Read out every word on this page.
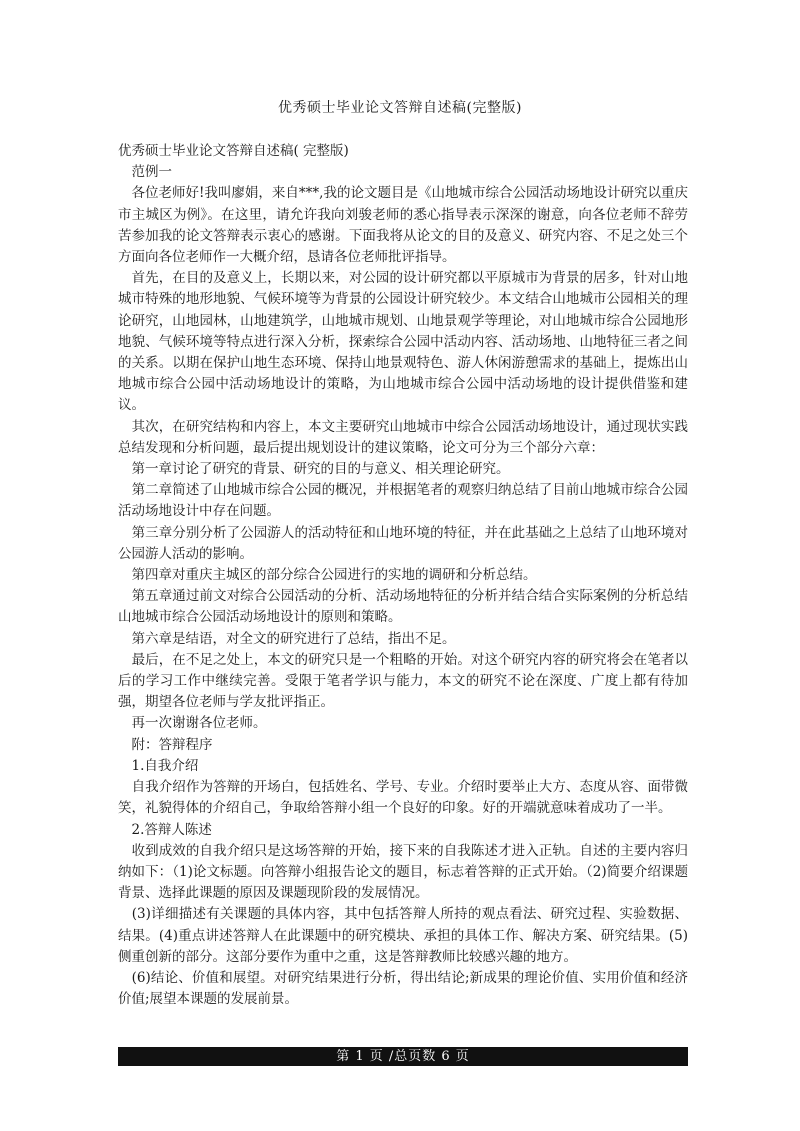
优秀硕士毕业论文答辩自述稿(完整版)

优秀硕士毕业论文答辩自述稿( 完整版)

　范例一

　各位老师好!我叫廖娟，来自***,我的论文题目是《山地城市综合公园活动场地设计研究以重庆市主城区为例》。在这里，请允许我向刘骏老师的悉心指导表示深深的谢意，向各位老师不辞劳苦参加我的论文答辩表示衷心的感谢。下面我将从论文的目的及意义、研究内容、不足之处三个方面向各位老师作一大概介绍，恳请各位老师批评指导。

　首先，在目的及意义上，长期以来，对公园的设计研究都以平原城市为背景的居多，针对山地城市特殊的地形地貌、气候环境等为背景的公园设计研究较少。本文结合山地城市公园相关的理论研究，山地园林，山地建筑学，山地城市规划、山地景观学等理论，对山地城市综合公园地形地貌、气候环境等特点进行深入分析，探索综合公园中活动内容、活动场地、山地特征三者之间的关系。以期在保护山地生态环境、保持山地景观特色、游人休闲游憩需求的基础上，提炼出山地城市综合公园中活动场地设计的策略，为山地城市综合公园中活动场地的设计提供借鉴和建议。

　其次，在研究结构和内容上，本文主要研究山地城市中综合公园活动场地设计，通过现状实践总结发现和分析问题，最后提出规划设计的建议策略，论文可分为三个部分六章：

　第一章讨论了研究的背景、研究的目的与意义、相关理论研究。

　第二章简述了山地城市综合公园的概况，并根据笔者的观察归纳总结了目前山地城市综合公园活动场地设计中存在问题。

　第三章分别分析了公园游人的活动特征和山地环境的特征，并在此基础之上总结了山地环境对公园游人活动的影响。

　第四章对重庆主城区的部分综合公园进行的实地的调研和分析总结。

　第五章通过前文对综合公园活动的分析、活动场地特征的分析并结合结合实际案例的分析总结山地城市综合公园活动场地设计的原则和策略。

　第六章是结语，对全文的研究进行了总结，指出不足。

　最后，在不足之处上，本文的研究只是一个粗略的开始。对这个研究内容的研究将会在笔者以后的学习工作中继续完善。受限于笔者学识与能力，本文的研究不论在深度、广度上都有待加强，期望各位老师与学友批评指正。

　再一次谢谢各位老师。

　附：答辩程序

　1.自我介绍

　自我介绍作为答辩的开场白，包括姓名、学号、专业。介绍时要举止大方、态度从容、面带微笑，礼貌得体的介绍自己，争取给答辩小组一个良好的印象。好的开端就意味着成功了一半。

　2.答辩人陈述

　收到成效的自我介绍只是这场答辩的开始，接下来的自我陈述才进入正轨。自述的主要内容归纳如下：（1)论文标题。向答辩小组报告论文的题目，标志着答辩的正式开始。（2)简要介绍课题背景、选择此课题的原因及课题现阶段的发展情况。

　(3)详细描述有关课题的具体内容，其中包括答辩人所持的观点看法、研究过程、实验数据、结果。(4)重点讲述答辩人在此课题中的研究模块、承担的具体工作、解决方案、研究结果。(5)侧重创新的部分。这部分要作为重中之重，这是答辩教师比较感兴趣的地方。

　(6)结论、价值和展望。对研究结果进行分析，得出结论;新成果的理论价值、实用价值和经济价值;展望本课题的发展前景。

第 1 页 /总页数 6 页
